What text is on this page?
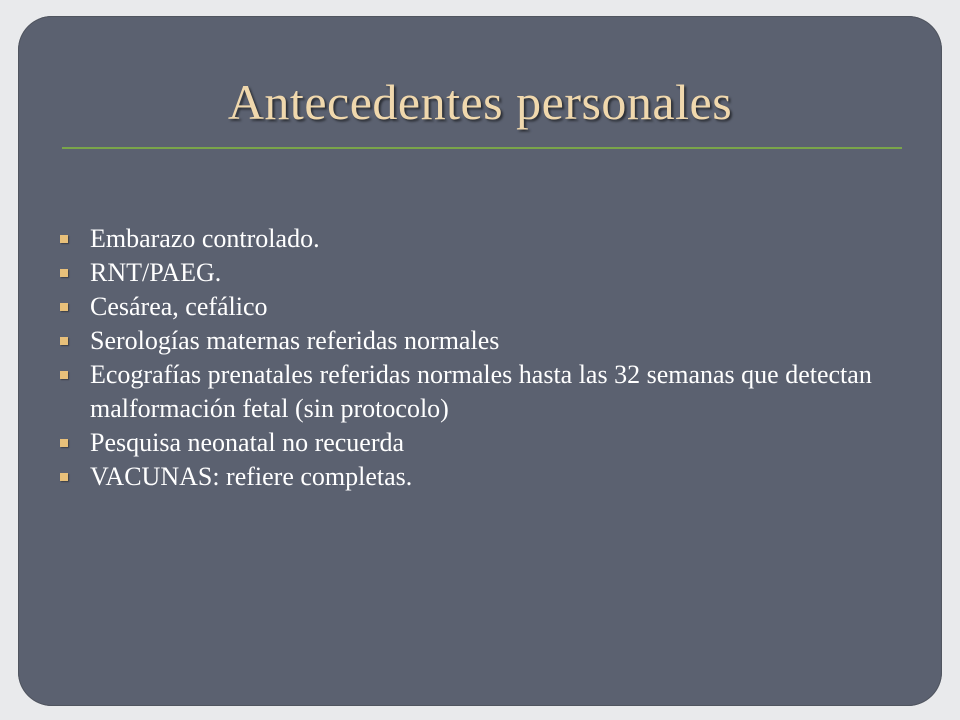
Antecedentes personales
Embarazo controlado.
RNT/PAEG.
Cesárea, cefálico
Serologías maternas referidas normales
Ecografías prenatales referidas normales hasta las 32 semanas que detectan malformación fetal (sin protocolo)
Pesquisa neonatal no recuerda
VACUNAS: refiere completas.
